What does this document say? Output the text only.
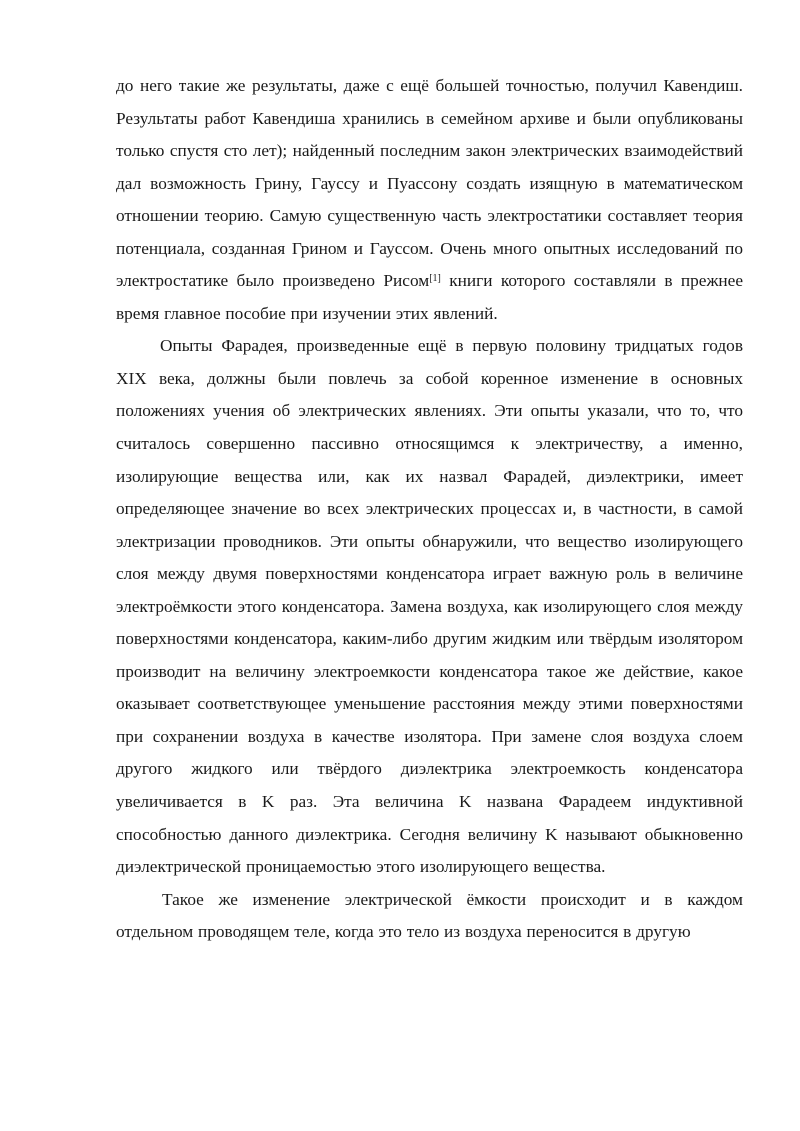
до него такие же результаты, даже с ещё большей точностью, получил Кавендиш. Результаты работ Кавендиша хранились в семейном архиве и были опубликованы только спустя сто лет); найденный последним закон электрических взаимодействий дал возможность Грину, Гауссу и Пуассону создать изящную в математическом отношении теорию. Самую существенную часть электростатики составляет теория потенциала, созданная Грином и Гауссом. Очень много опытных исследований по электростатике было произведено Рисом[1] книги которого составляли в прежнее время главное пособие при изучении этих явлений.

Опыты Фарадея, произведенные ещё в первую половину тридцатых годов XIX века, должны были повлечь за собой коренное изменение в основных положениях учения об электрических явлениях. Эти опыты указали, что то, что считалось совершенно пассивно относящимся к электричеству, а именно, изолирующие вещества или, как их назвал Фарадей, диэлектрики, имеет определяющее значение во всех электрических процессах и, в частности, в самой электризации проводников. Эти опыты обнаружили, что вещество изолирующего слоя между двумя поверхностями конденсатора играет важную роль в величине электроёмкости этого конденсатора. Замена воздуха, как изолирующего слоя между поверхностями конденсатора, каким-либо другим жидким или твёрдым изолятором производит на величину электроемкости конденсатора такое же действие, какое оказывает соответствующее уменьшение расстояния между этими поверхностями при сохранении воздуха в качестве изолятора. При замене слоя воздуха слоем другого жидкого или твёрдого диэлектрика электроемкость конденсатора увеличивается в K раз. Эта величина K названа Фарадеем индуктивной способностью данного диэлектрика. Сегодня величину K называют обыкновенно диэлектрической проницаемостью этого изолирующего вещества.

Такое же изменение электрической ёмкости происходит и в каждом отдельном проводящем теле, когда это тело из воздуха переносится в другую
